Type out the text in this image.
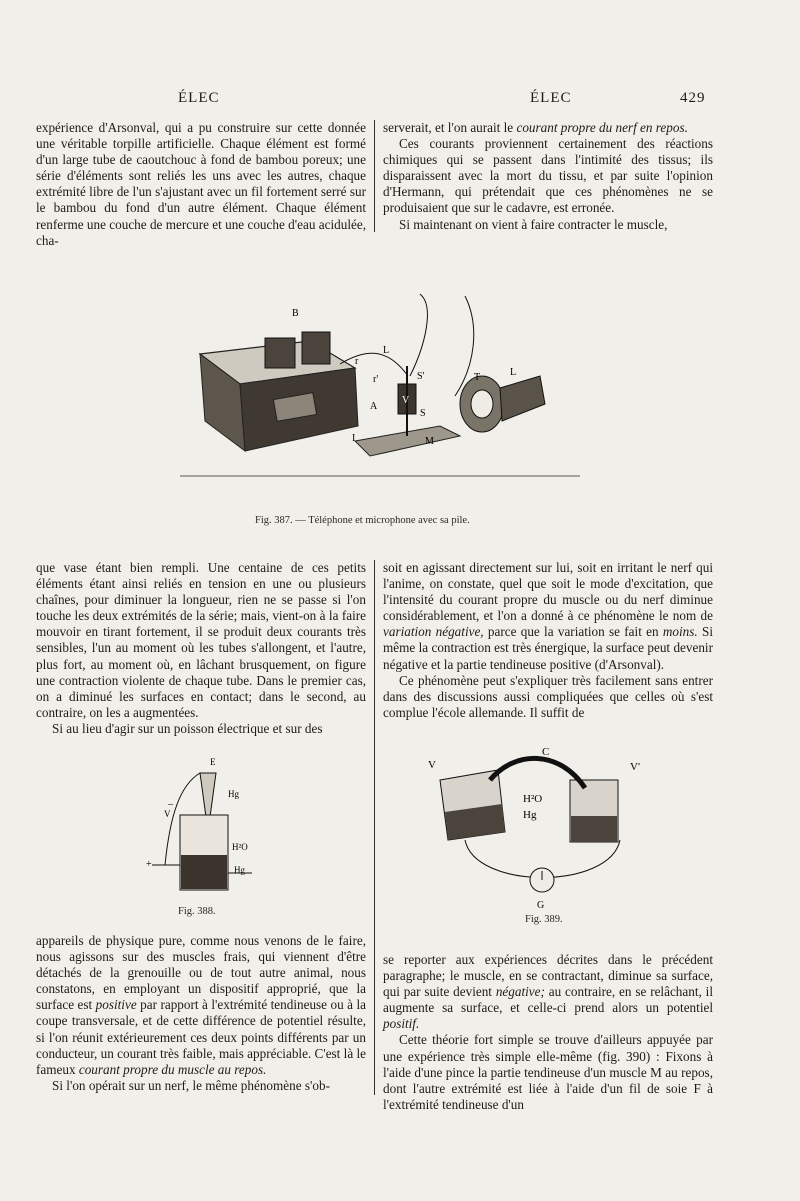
ÉLEC	ÉLEC	429

expérience d'Arsonval, qui a pu construire sur cette donnée une véritable torpille artificielle. Chaque élément est formé d'un large tube de caoutchouc à fond de bambou poreux; une série d'éléments sont reliés les uns avec les autres, chaque extrémité libre de l'un s'ajustant avec un fil fortement serré sur le bambou du fond d'un autre élément. Chaque élément renferme une couche de mercure et une couche d'eau acidulée, cha-

serverait, et l'on aurait le courant propre du nerf en repos.

Ces courants proviennent certainement des réactions chimiques qui se passent dans l'intimité des tissus; ils disparaissent avec la mort du tissu, et par suite l'opinion d'Hermann, qui prétendait que ces phénomènes ne se produisaient que sur le cadavre, est erronée.

Si maintenant on vient à faire contracter le muscle,

B
L
L
r
r'	S'
S
V
A
I	M
T
Fig. 387. — Téléphone et microphone avec sa pile.

que vase étant bien rempli. Une centaine de ces petits éléments étant ainsi reliés en tension en une ou plusieurs chaînes, pour diminuer la longueur, rien ne se passe si l'on touche les deux extrémités de la série; mais, vient-on à la faire mouvoir en tirant fortement, il se produit deux courants très sensibles, l'un au moment où les tubes s'allongent, et l'autre, plus fort, au moment où, en lâchant brusquement, on figure une contraction violente de chaque tube. Dans le premier cas, on a diminué les surfaces en contact; dans le second, au contraire, on les a augmentées.

Si au lieu d'agir sur un poisson électrique et sur des

soit en agissant directement sur lui, soit en irritant le nerf qui l'anime, on constate, quel que soit le mode d'excitation, que l'intensité du courant propre du muscle ou du nerf diminue considérablement, et l'on a donné à ce phénomène le nom de variation négative, parce que la variation se fait en moins. Si même la contraction est très énergique, la surface peut devenir négative et la partie tendineuse positive (d'Arsonval).

Ce phénomène peut s'expliquer très facilement sans entrer dans des discussions aussi compliquées que celles où s'est complue l'école allemande. Il suffit de

E
Hg
V
H²O
Hg
–
+
Fig. 388.
V
C
V'
H²O
Hg
G
Fig. 389.

appareils de physique pure, comme nous venons de le faire, nous agissons sur des muscles frais, qui viennent d'être détachés de la grenouille ou de tout autre animal, nous constatons, en employant un dispositif approprié, que la surface est positive par rapport à l'extrémité tendineuse ou à la coupe transversale, et de cette différence de potentiel résulte, si l'on réunit extérieurement ces deux points différents par un conducteur, un courant très faible, mais appréciable. C'est là le fameux courant propre du muscle au repos.

Si l'on opérait sur un nerf, le même phénomène s'ob-

se reporter aux expériences décrites dans le précédent paragraphe; le muscle, en se contractant, diminue sa surface, qui par suite devient négative; au contraire, en se relâchant, il augmente sa surface, et celle-ci prend alors un potentiel positif.

Cette théorie fort simple se trouve d'ailleurs appuyée par une expérience très simple elle-même (fig. 390) : Fixons à l'aide d'une pince la partie tendineuse d'un muscle M au repos, dont l'autre extrémité est liée à l'aide d'un fil de soie F à l'extrémité tendineuse d'un
